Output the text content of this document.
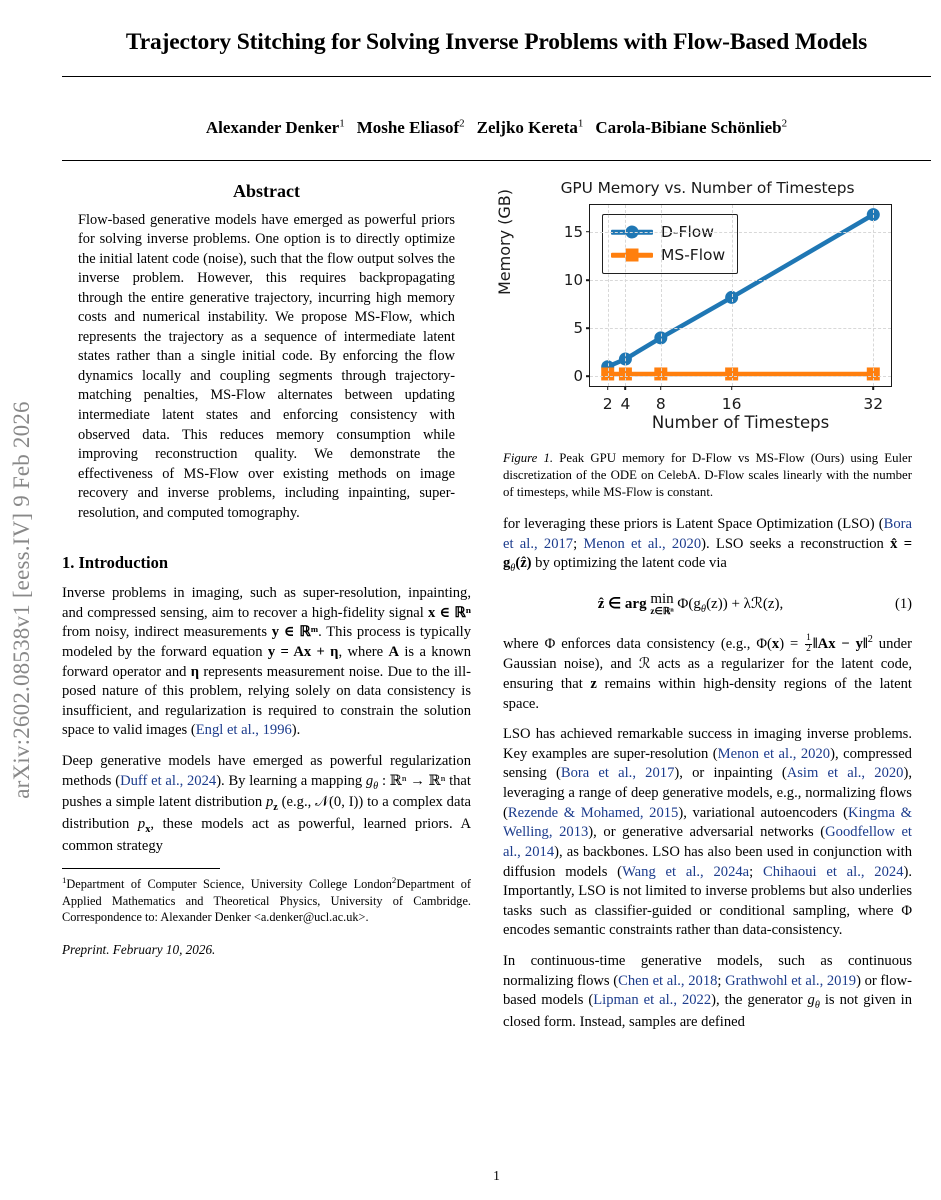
arXiv:2602.08538v1 [eess.IV] 9 Feb 2026
Trajectory Stitching for Solving Inverse Problems with Flow-Based Models
Alexander Denker$^1$ Moshe Eliasof$^2$ Zeljko Kereta$^1$ Carola-Bibiane Schönlieb$^2$
Abstract
Flow-based generative models have emerged as powerful priors for solving inverse problems. One option is to directly optimize the initial latent code (noise), such that the flow output solves the inverse problem. However, this requires backpropagating through the entire generative trajectory, incurring high memory costs and numerical instability. We propose MS-Flow, which represents the trajectory as a sequence of intermediate latent states rather than a single initial code. By enforcing the flow dynamics locally and coupling segments through trajectory-matching penalties, MS-Flow alternates between updating intermediate latent states and enforcing consistency with observed data. This reduces memory consumption while improving reconstruction quality. We demonstrate the effectiveness of MS-Flow over existing methods on image recovery and inverse problems, including inpainting, super-resolution, and computed tomography.
1. Introduction

Inverse problems in imaging, such as super-resolution, inpainting, and compressed sensing, aim to recover a high-fidelity signal x ∈ ℝⁿ from noisy, indirect measurements y ∈ ℝᵐ. This process is typically modeled by the forward equation y = Ax + η, where A is a known forward operator and η represents measurement noise. Due to the ill-posed nature of this problem, relying solely on data consistency is insufficient, and regularization is required to constrain the solution space to valid images (Engl et al., 1996).

Deep generative models have emerged as powerful regularization methods (Duff et al., 2024). By learning a mapping $g_\theta$ : ℝⁿ → ℝⁿ that pushes a simple latent distribution $p_z$ (e.g., 𝒩(0, I)) to a complex data distribution $p_x$, these models act as powerful, learned priors. A common strategy

$^1$Department of Computer Science, University College London$^2$Department of Applied Mathematics and Theoretical Physics, University of Cambridge. Correspondence to: Alexander Denker <a.denker@ucl.ac.uk>.

Preprint. February 10, 2026.
GPU Memory vs. Number of Timesteps
Memory (GB)
Number of Timesteps
D-Flow
MS-Flow
2 4 8	16	32
0
5
10
15

Figure 1. Peak GPU memory for D-Flow vs MS-Flow (Ours) using Euler discretization of the ODE on CelebA. D-Flow scales linearly with the number of timesteps, while MS-Flow is constant.

for leveraging these priors is Latent Space Optimization (LSO) (Bora et al., 2017; Menon et al., 2020). LSO seeks a reconstruction x̂ = $g_\theta(ẑ)$ by optimizing the latent code via

ẑ ∈ arg min
z∈ℝⁿ $\Phi(g_\theta(z))$ + λℛ(z),	(1)

where Φ enforces data consistency (e.g., $\Phi(x) = \frac{1}{2}$ ‖Ax − y‖$^2$ under Gaussian noise), and ℛ acts as a regularizer for the latent code, ensuring that z remains within high-density regions of the latent space.

LSO has achieved remarkable success in imaging inverse problems. Key examples are super-resolution (Menon et al., 2020), compressed sensing (Bora et al., 2017), or inpainting (Asim et al., 2020), leveraging a range of deep generative models, e.g., normalizing flows (Rezende & Mohamed, 2015), variational autoencoders (Kingma & Welling, 2013), or generative adversarial networks (Goodfellow et al., 2014), as backbones. LSO has also been used in conjunction with diffusion models (Wang et al., 2024a; Chihaoui et al., 2024). Importantly, LSO is not limited to inverse problems but also underlies tasks such as classifier-guided or conditional sampling, where Φ encodes semantic constraints rather than data-consistency.

In continuous-time generative models, such as continuous normalizing flows (Chen et al., 2018; Grathwohl et al., 2019) or flow-based models (Lipman et al., 2022), the generator $g_\theta$ is not given in closed form. Instead, samples are defined

1
